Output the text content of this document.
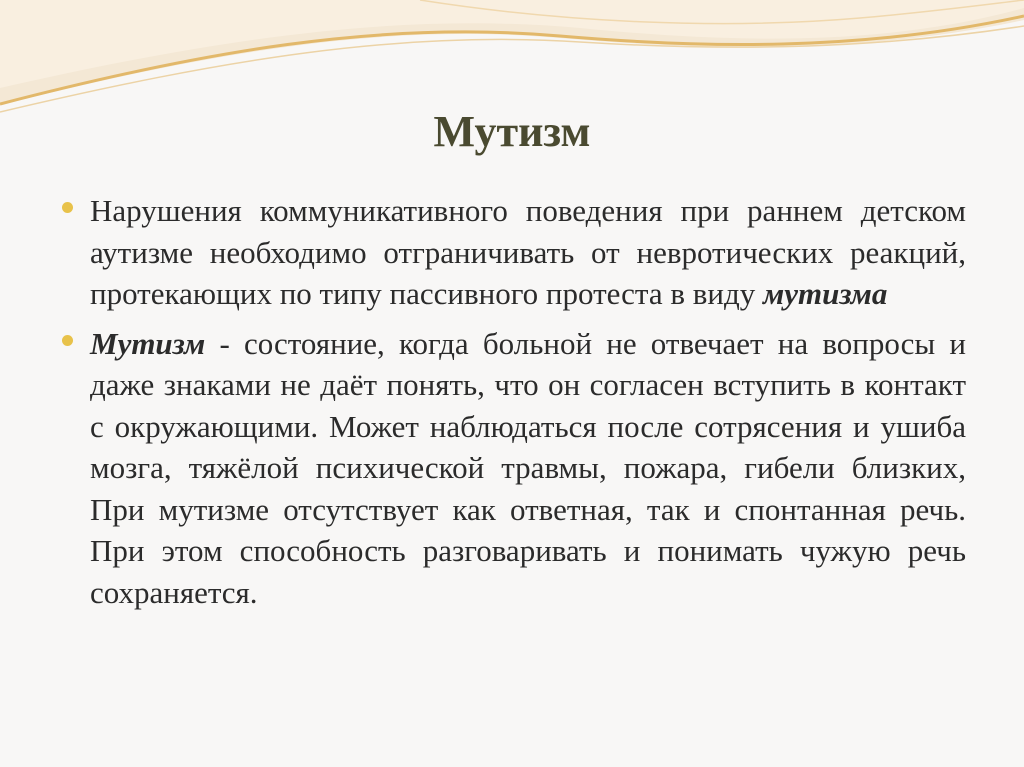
Мутизм
Нарушения коммуникативного поведения при раннем детском аутизме необходимо отграничивать от невротических реакций, протекающих по типу пассивного протеста в виду мутизма
Мутизм - состояние, когда больной не отвечает на вопросы и даже знаками не даёт понять, что он согласен вступить в контакт с окружающими. Может наблюдаться после сотрясения и ушиба мозга, тяжёлой психической травмы, пожара, гибели близких, При мутизме отсутствует как ответная, так и спонтанная речь. При этом способность разговаривать и понимать чужую речь сохраняется.
